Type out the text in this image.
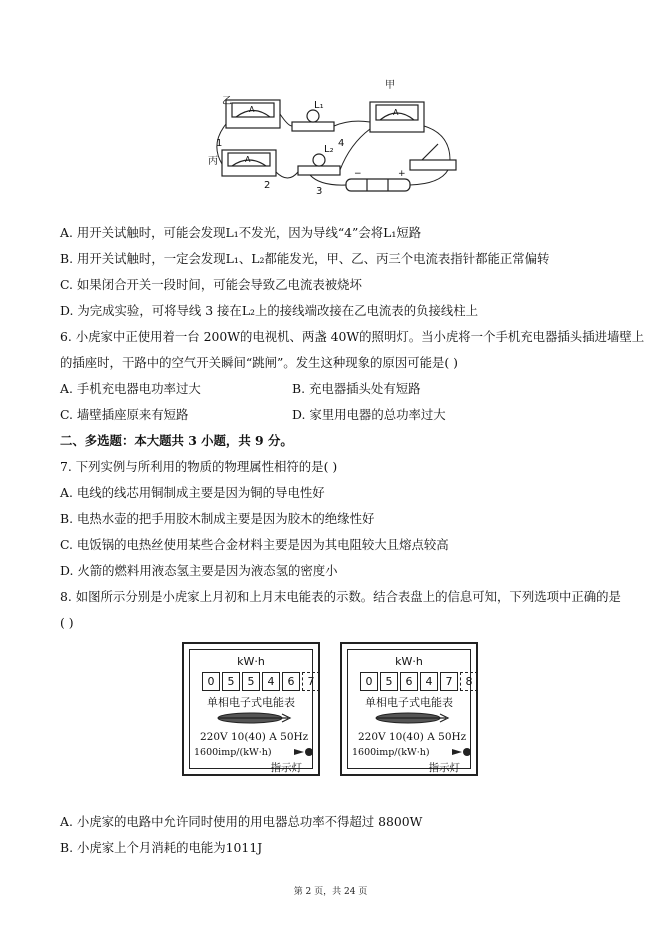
乙
丙
甲
L₁
L₂
1
2
3
4
A
A
A
−	+
A. 用开关试触时，可能会发现L₁不发光，因为导线“4”会将L₁短路
B. 用开关试触时，一定会发现L₁、L₂都能发光，甲、乙、丙三个电流表指针都能正常偏转
C. 如果闭合开关一段时间，可能会导致乙电流表被烧坏
D. 为完成实验，可将导线 3 接在L₂上的接线端改接在乙电流表的负接线柱上
6. 小虎家中正使用着一台 200W的电视机、两盏 40W的照明灯。当小虎将一个手机充电器插头插进墙壁上
的插座时，干路中的空气开关瞬间“跳闸”。发生这种现象的原因可能是( )
A. 手机充电器电功率过大	B. 充电器插头处有短路
C. 墙壁插座原来有短路	D. 家里用电器的总功率过大
二、多选题：本大题共 3 小题，共 9 分。
7. 下列实例与所利用的物质的物理属性相符的是( )
A. 电线的线芯用铜制成主要是因为铜的导电性好
B. 电热水壶的把手用胶木制成主要是因为胶木的绝缘性好
C. 电饭锅的电热丝使用某些合金材料主要是因为其电阻较大且熔点较高
D. 火箭的燃料用液态氢主要是因为液态氢的密度小
8. 如图所示分别是小虎家上月初和上月末电能表的示数。结合表盘上的信息可知，下列选项中正确的是
( )
kW·h
0	5	5	4	6	7
单相电子式电能表
220V 10(40) A 50Hz
1600imp/(kW·h)
指示灯
kW·h
0	5	6	4	7	8
单相电子式电能表
220V 10(40) A 50Hz
1600imp/(kW·h)
指示灯
A. 小虎家的电路中允许同时使用的用电器总功率不得超过 8800W
B. 小虎家上个月消耗的电能为1011J
第 2 页，共 24 页
